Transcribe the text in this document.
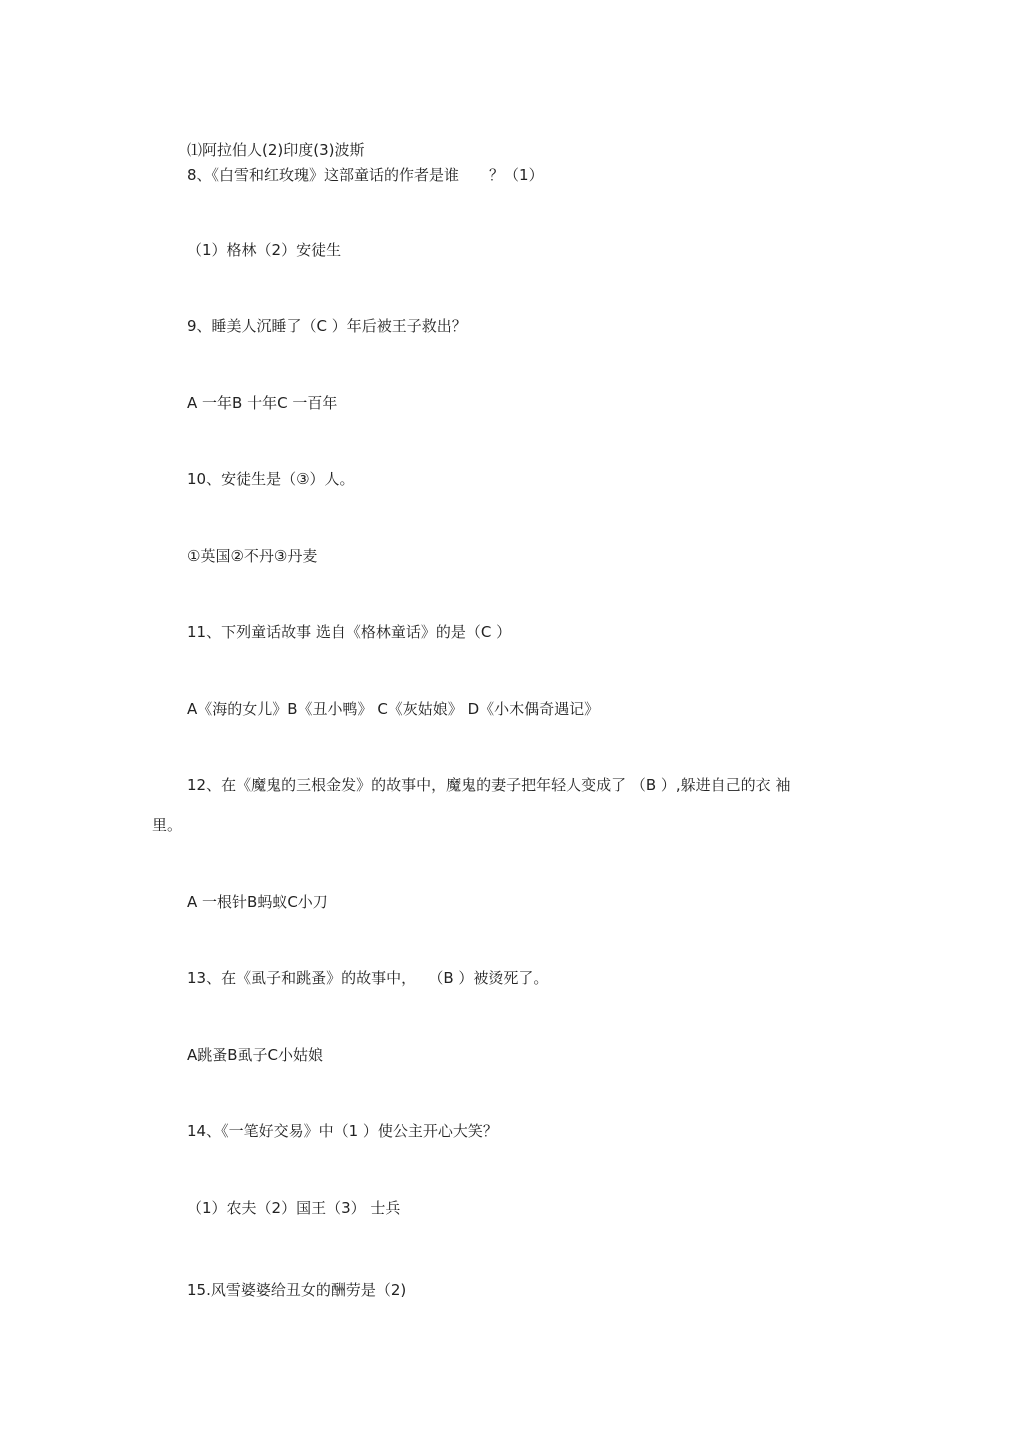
⑴阿拉伯人(2)印度(3)波斯

8、《白雪和红玫瑰》这部童话的作者是谁　　？（1）

（1）格林（2）安徒生

9、睡美人沉睡了（C ）年后被王子救出？

A 一年B 十年C 一百年

10、安徒生是（③）人。

①英国②不丹③丹麦

11、下列童话故事 选自《格林童话》的是（C ）

A《海的女儿》B《丑小鸭》 C《灰姑娘》 D《小木偶奇遇记》

12、在《魔鬼的三根金发》的故事中，魔鬼的妻子把年轻人变成了 （B ）,躲进自己的衣 袖

里。

A 一根针B蚂蚁C小刀

13、在《虱子和跳蚤》的故事中，　 （B ）被烫死了。

A跳蚤B虱子C小姑娘

14、《一笔好交易》中（1 ）使公主开心大笑？

（1）农夫（2）国王（3） 士兵

15.风雪婆婆给丑女的酬劳是（2)
